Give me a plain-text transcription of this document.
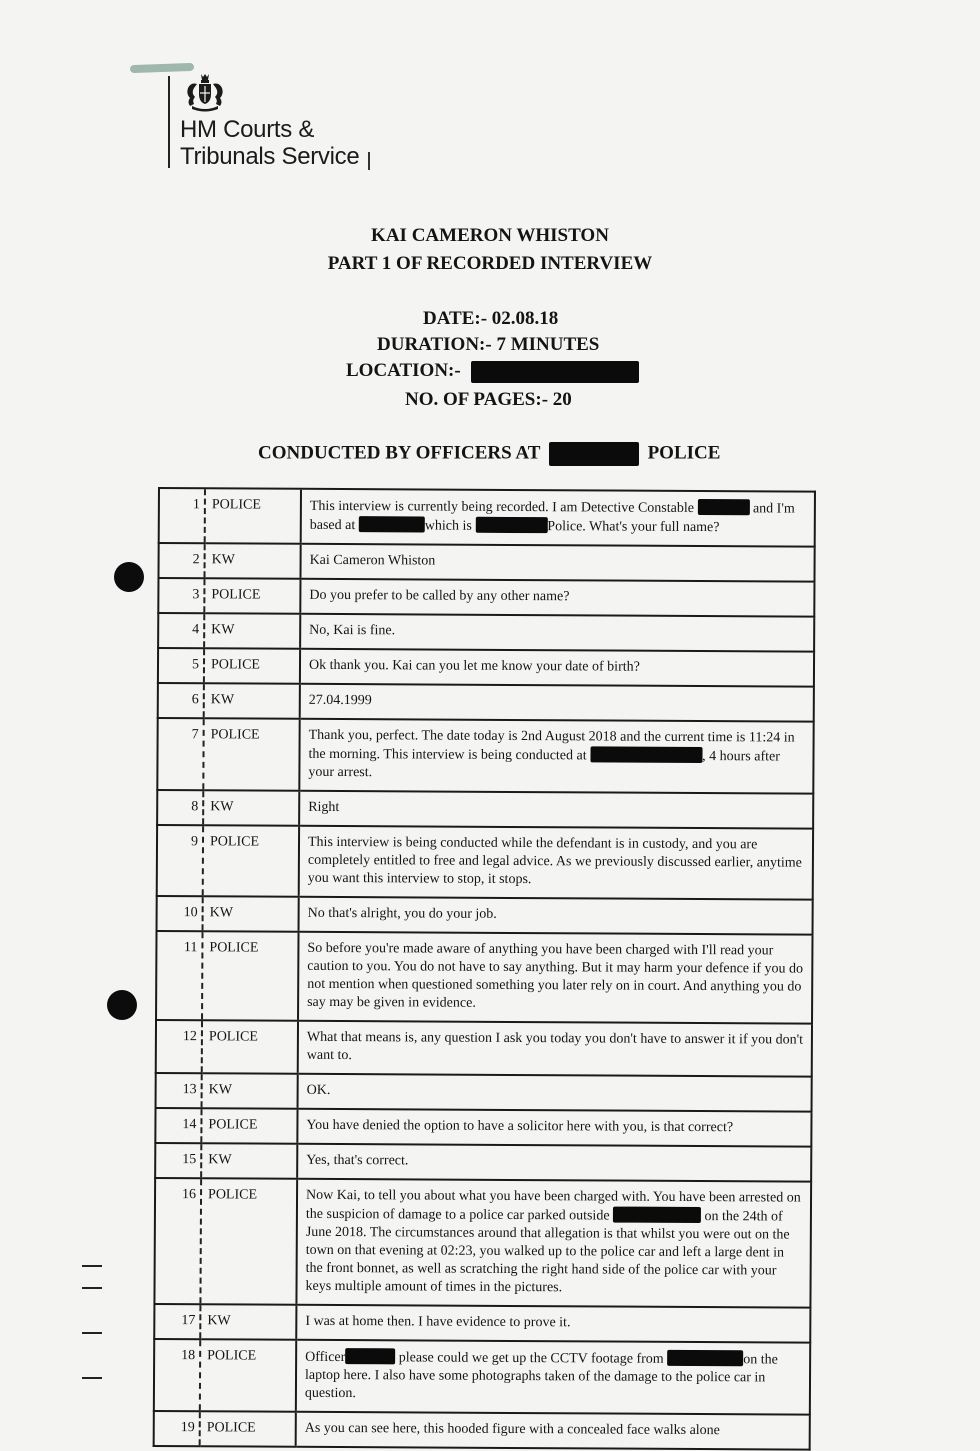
HM Courts &
Tribunals Service
KAI CAMERON WHISTON
PART 1 OF RECORDED INTERVIEW
DATE:- 02.08.18
DURATION:- 7 MINUTES
LOCATION:-
NO. OF PAGES:- 20
CONDUCTED BY OFFICERS AT	POLICE
1	POLICE	This interview is currently being recorded. I am Detective Constable and I'm based at which is Police. What's your full name?
2	KW	Kai Cameron Whiston
3	POLICE	Do you prefer to be called by any other name?
4	KW	No, Kai is fine.
5	POLICE	Ok thank you. Kai can you let me know your date of birth?
6	KW	27.04.1999
7	POLICE	Thank you, perfect. The date today is 2nd August 2018 and the current time is 11:24 in the morning. This interview is being conducted at , 4 hours after your arrest.
8	KW	Right
9	POLICE	This interview is being conducted while the defendant is in custody, and you are completely entitled to free and legal advice. As we previously discussed earlier, anytime you want this interview to stop, it stops.
10	KW	No that's alright, you do your job.
11	POLICE	So before you're made aware of anything you have been charged with I'll read your caution to you. You do not have to say anything. But it may harm your defence if you do not mention when questioned something you later rely on in court. And anything you do say may be given in evidence.
12	POLICE	What that means is, any question I ask you today you don't have to answer it if you don't want to.
13	KW	OK.
14	POLICE	You have denied the option to have a solicitor here with you, is that correct?
15	KW	Yes, that's correct.
16	POLICE	Now Kai, to tell you about what you have been charged with. You have been arrested on the suspicion of damage to a police car parked outside on the 24th of June 2018. The circumstances around that allegation is that whilst you were out on the town on that evening at 02:23, you walked up to the police car and left a large dent in the front bonnet, as well as scratching the right hand side of the police car with your keys multiple amount of times in the pictures.
17	KW	I was at home then. I have evidence to prove it.
18	POLICE	Officer please could we get up the CCTV footage from on the laptop here. I also have some photographs taken of the damage to the police car in question.
19	POLICE	As you can see here, this hooded figure with a concealed face walks alone
